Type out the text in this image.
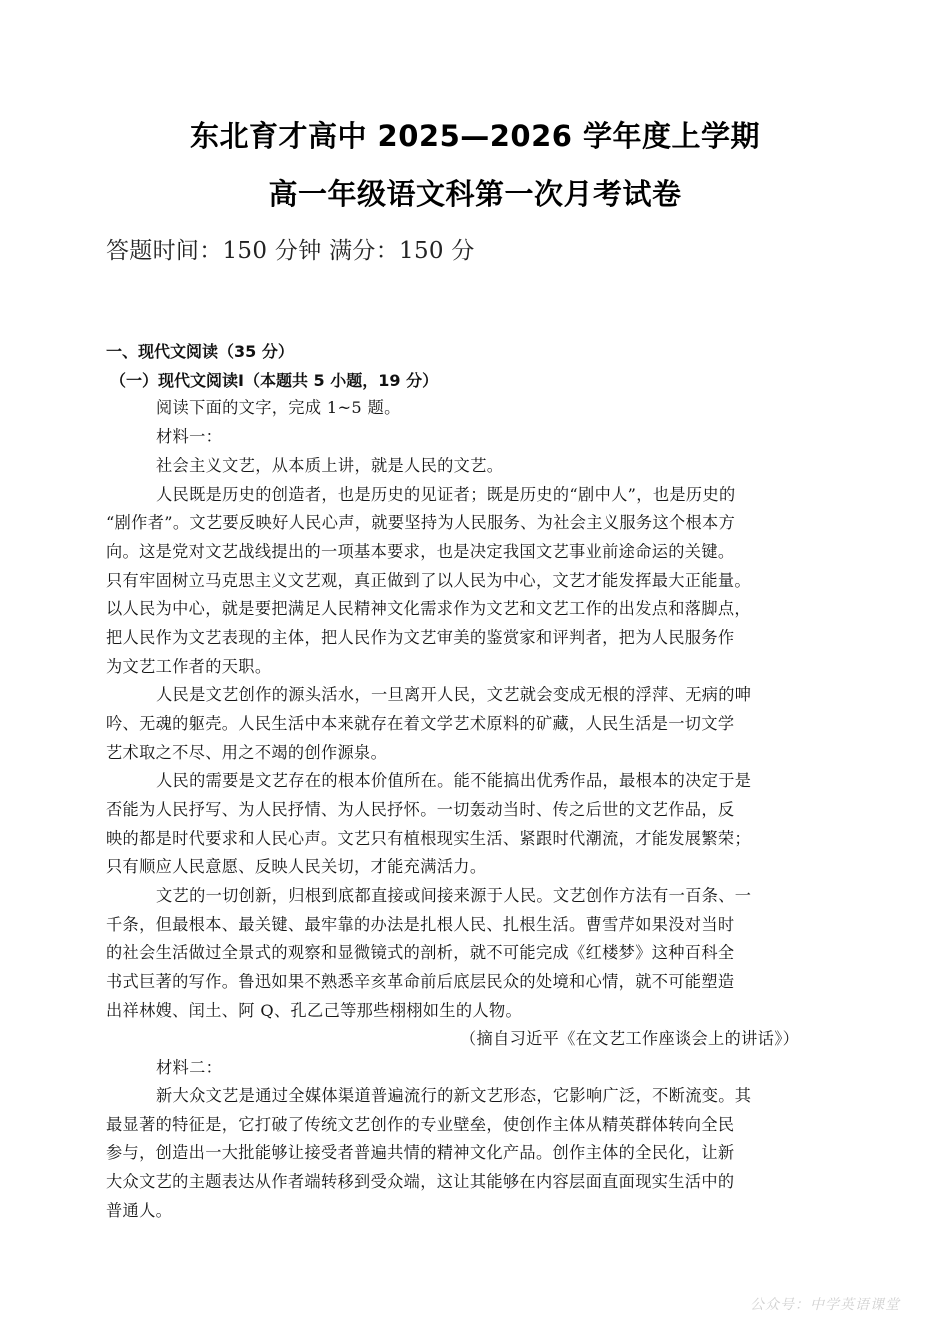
东北育才高中 2025—2026 学年度上学期
高一年级语文科第一次月考试卷
答题时间：150 分钟 满分：150 分
一、现代文阅读（35 分）
（一）现代文阅读Ⅰ（本题共 5 小题，19 分）
阅读下面的文字，完成 1~5 题。
材料一：
社会主义文艺，从本质上讲，就是人民的文艺。
人民既是历史的创造者，也是历史的见证者；既是历史的“剧中人”，也是历史的
“剧作者”。文艺要反映好人民心声，就要坚持为人民服务、为社会主义服务这个根本方
向。这是党对文艺战线提出的一项基本要求，也是决定我国文艺事业前途命运的关键。
只有牢固树立马克思主义文艺观，真正做到了以人民为中心，文艺才能发挥最大正能量。
以人民为中心，就是要把满足人民精神文化需求作为文艺和文艺工作的出发点和落脚点，
把人民作为文艺表现的主体，把人民作为文艺审美的鉴赏家和评判者，把为人民服务作
为文艺工作者的天职。
人民是文艺创作的源头活水，一旦离开人民，文艺就会变成无根的浮萍、无病的呻
吟、无魂的躯壳。人民生活中本来就存在着文学艺术原料的矿藏，人民生活是一切文学
艺术取之不尽、用之不竭的创作源泉。
人民的需要是文艺存在的根本价值所在。能不能搞出优秀作品，最根本的决定于是
否能为人民抒写、为人民抒情、为人民抒怀。一切轰动当时、传之后世的文艺作品，反
映的都是时代要求和人民心声。文艺只有植根现实生活、紧跟时代潮流，才能发展繁荣；
只有顺应人民意愿、反映人民关切，才能充满活力。
文艺的一切创新，归根到底都直接或间接来源于人民。文艺创作方法有一百条、一
千条，但最根本、最关键、最牢靠的办法是扎根人民、扎根生活。曹雪芹如果没对当时
的社会生活做过全景式的观察和显微镜式的剖析，就不可能完成《红楼梦》这种百科全
书式巨著的写作。鲁迅如果不熟悉辛亥革命前后底层民众的处境和心情，就不可能塑造
出祥林嫂、闰土、阿 Q、孔乙己等那些栩栩如生的人物。
（摘自习近平《在文艺工作座谈会上的讲话》）
材料二：
新大众文艺是通过全媒体渠道普遍流行的新文艺形态，它影响广泛，不断流变。其
最显著的特征是，它打破了传统文艺创作的专业壁垒，使创作主体从精英群体转向全民
参与，创造出一大批能够让接受者普遍共情的精神文化产品。创作主体的全民化，让新
大众文艺的主题表达从作者端转移到受众端，这让其能够在内容层面直面现实生活中的
普通人。
公众号：中学英语课堂
